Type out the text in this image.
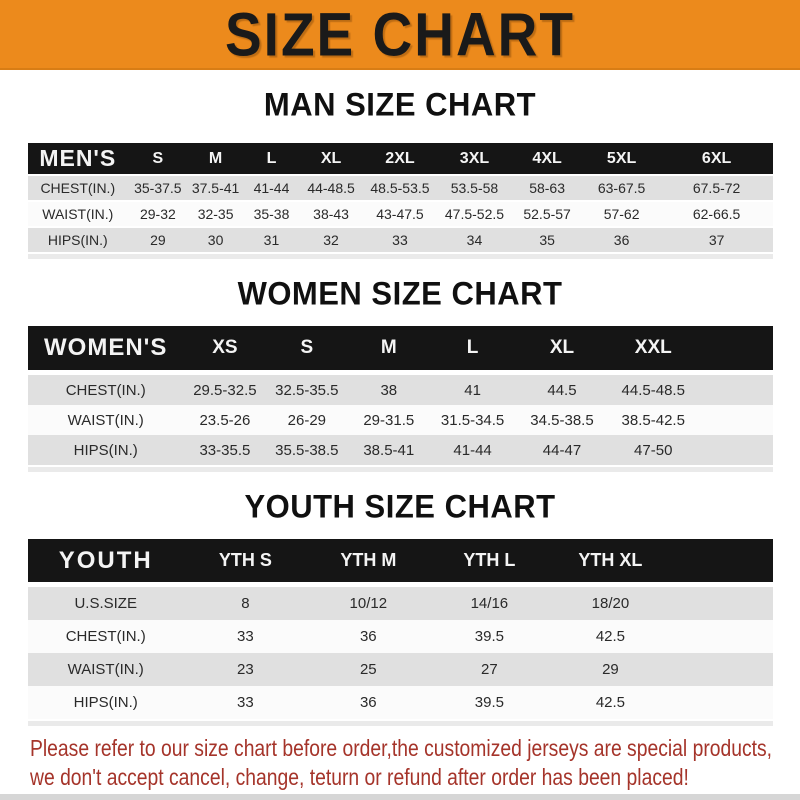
SIZE CHART
MAN SIZE CHART
MEN'S	S	M	L	XL	2XL	3XL	4XL	5XL	6XL
CHEST(IN.)	35-37.5	37.5-41	41-44	44-48.5	48.5-53.5	53.5-58	58-63	63-67.5	67.5-72
WAIST(IN.)	29-32	32-35	35-38	38-43	43-47.5	47.5-52.5	52.5-57	57-62	62-66.5
HIPS(IN.)	29	30	31	32	33	34	35	36	37

WOMEN SIZE CHART
WOMEN'S	XS	S	M	L	XL	XXL	
CHEST(IN.)	29.5-32.5	32.5-35.5	38	41	44.5	44.5-48.5	
WAIST(IN.)	23.5-26	26-29	29-31.5	31.5-34.5	34.5-38.5	38.5-42.5	
HIPS(IN.)	33-35.5	35.5-38.5	38.5-41	41-44	44-47	47-50	

YOUTH SIZE CHART
YOUTH	YTH S	YTH M	YTH L	YTH XL	
U.S.SIZE	8	10/12	14/16	18/20	
CHEST(IN.)	33	36	39.5	42.5	
WAIST(IN.)	23	25	27	29	
HIPS(IN.)	33	36	39.5	42.5	

Please refer to our size chart before order,the customized jerseys are special products,
we don't accept cancel, change, teturn or refund after order has been placed!
